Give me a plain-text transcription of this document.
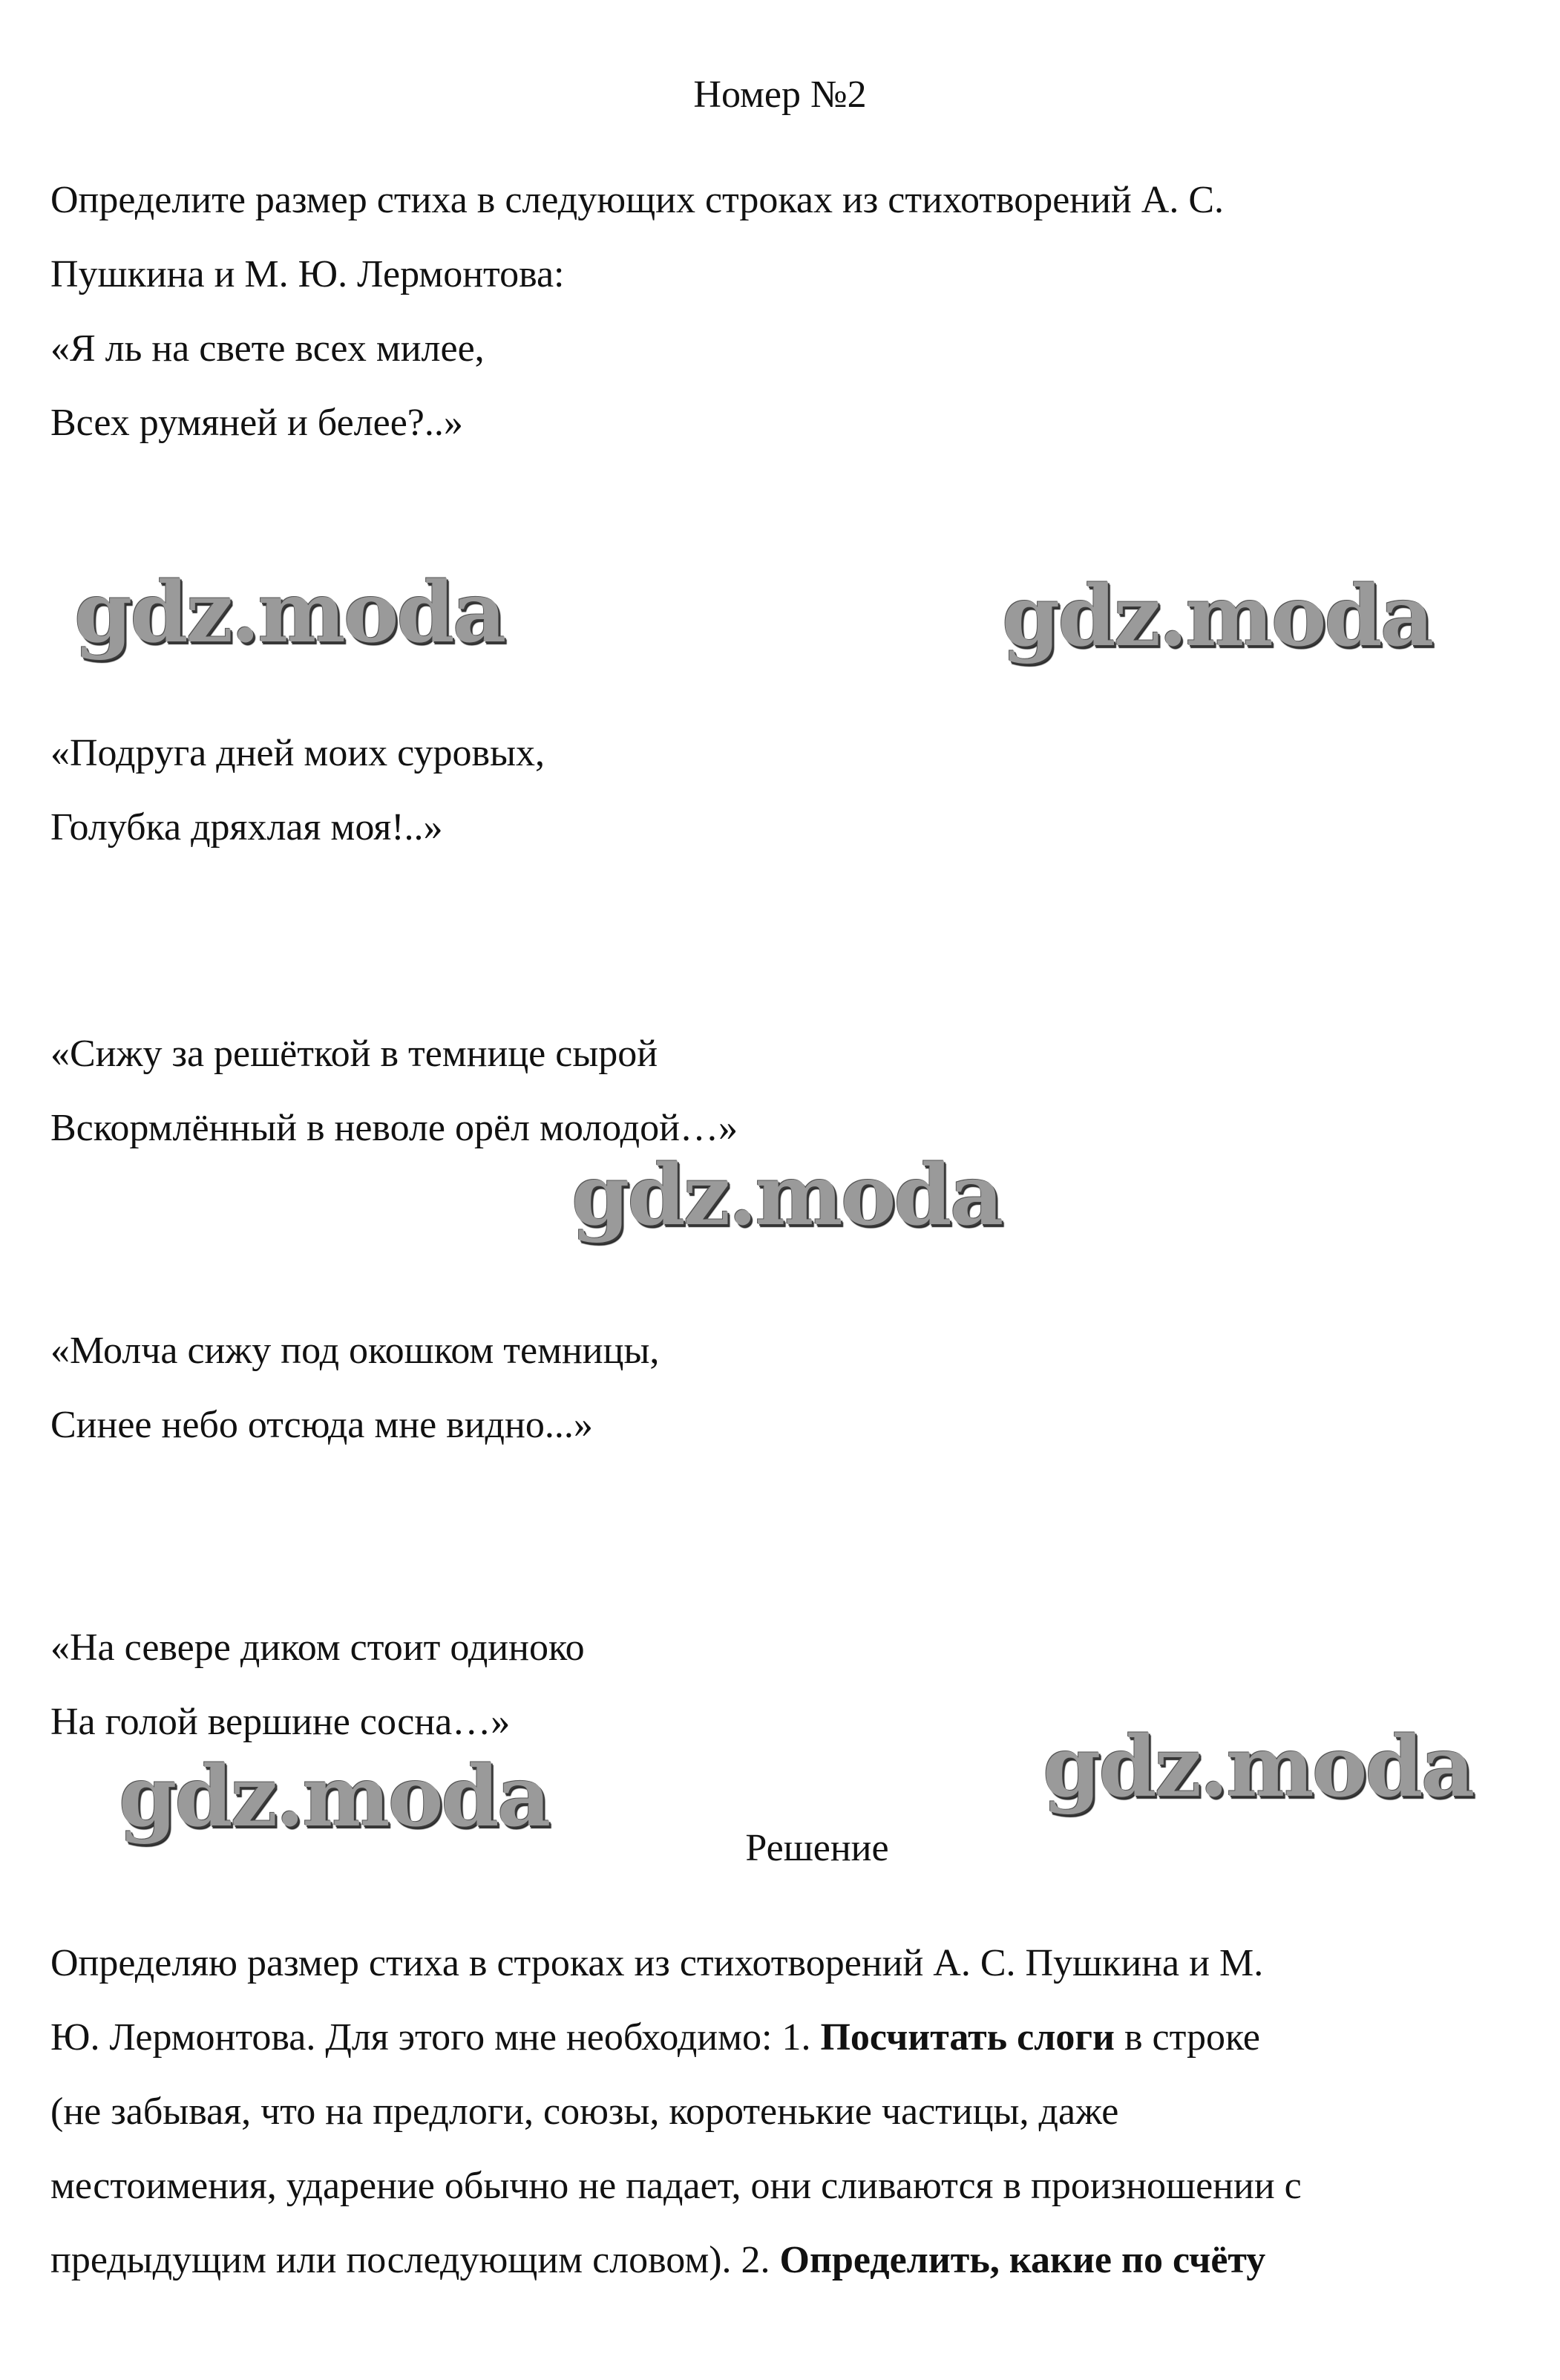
Номер №2
Определите размер стиха в следующих строках из стихотворений А. С.
Пушкина и М. Ю. Лермонтова:
«Я ль на свете всех милее,
Всех румяней и белее?..»
gdz.moda	gdz.moda
«Подруга дней моих суровых,
Голубка дряхлая моя!..»
«Сижу за решёткой в темнице сырой
Вскормлённый в неволе орёл молодой…»
gdz.moda
«Молча сижу под окошком темницы,
Синее небо отсюда мне видно...»
«На севере диком стоит одиноко
На голой вершине сосна…»
gdz.moda	gdz.moda
Решение
Определяю размер стиха в строках из стихотворений А. С. Пушкина и М.
Ю. Лермонтова. Для этого мне необходимо: 1. Посчитать слоги в строке
(не забывая, что на предлоги, союзы, коротенькие частицы, даже
местоимения, ударение обычно не падает, они сливаются в произношении с
предыдущим или последующим словом). 2. Определить, какие по счёту
